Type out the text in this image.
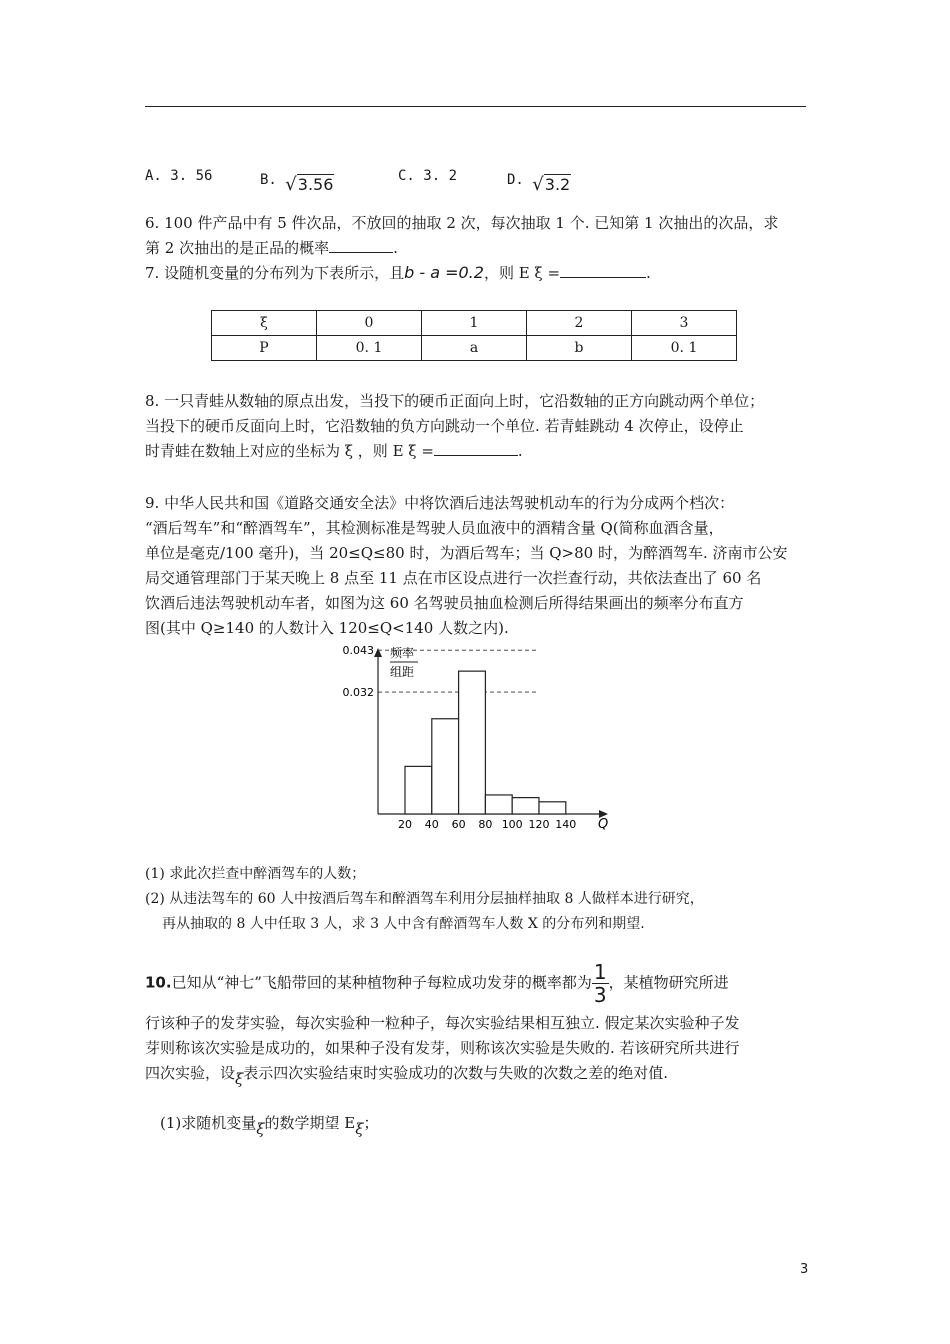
A. 3. 56	B. √3.56	C. 3. 2	D. √3.2
6. 100 件产品中有 5 件次品，不放回的抽取 2 次，每次抽取 1 个. 已知第 1 次抽出的次品，求
第 2 次抽出的是正品的概率	.
7. 设随机变量的分布列为下表所示，且b - a =0.2，则 E ξ =	.
ξ	0	1	2	3
P	0. 1	a	b	0. 1
8. 一只青蛙从数轴的原点出发，当投下的硬币正面向上时，它沿数轴的正方向跳动两个单位；
当投下的硬币反面向上时，它沿数轴的负方向跳动一个单位. 若青蛙跳动 4 次停止，设停止
时青蛙在数轴上对应的坐标为 ξ ，则 E ξ =	.
9. 中华人民共和国《道路交通安全法》中将饮酒后违法驾驶机动车的行为分成两个档次：
“酒后驾车”和“醉酒驾车”，其检测标准是驾驶人员血液中的酒精含量 Q(简称血酒含量，
单位是毫克/100 毫升)，当 20≤Q≤80 时，为酒后驾车；当 Q>80 时，为醉酒驾车. 济南市公安
局交通管理部门于某天晚上 8 点至 11 点在市区设点进行一次拦查行动，共依法查出了 60 名
饮酒后违法驾驶机动车者，如图为这 60 名驾驶员抽血检测后所得结果画出的频率分布直方
图(其中 Q≥140 的人数计入 120≤Q<140 人数之内).
频率
组距
0.043
0.032
20 40 60 80 100 120 140 Q
(1) 求此次拦查中醉酒驾车的人数；
(2) 从违法驾车的 60 人中按酒后驾车和醉酒驾车利用分层抽样抽取 8 人做样本进行研究，
再从抽取的 8 人中任取 3 人，求 3 人中含有醉酒驾车人数 X 的分布列和期望.
10.已知从“神七”飞船带回的某种植物种子每粒成功发芽的概率都为 $\frac{1}{3}$ ，某植物研究所进
行该种子的发芽实验，每次实验种一粒种子，每次实验结果相互独立. 假定某次实验种子发
芽则称该次实验是成功的，如果种子没有发芽，则称该次实验是失败的. 若该研究所共进行
四次实验，设ξ表示四次实验结束时实验成功的次数与失败的次数之差的绝对值.
(1)求随机变量ξ的数学期望 Eξ；
3
